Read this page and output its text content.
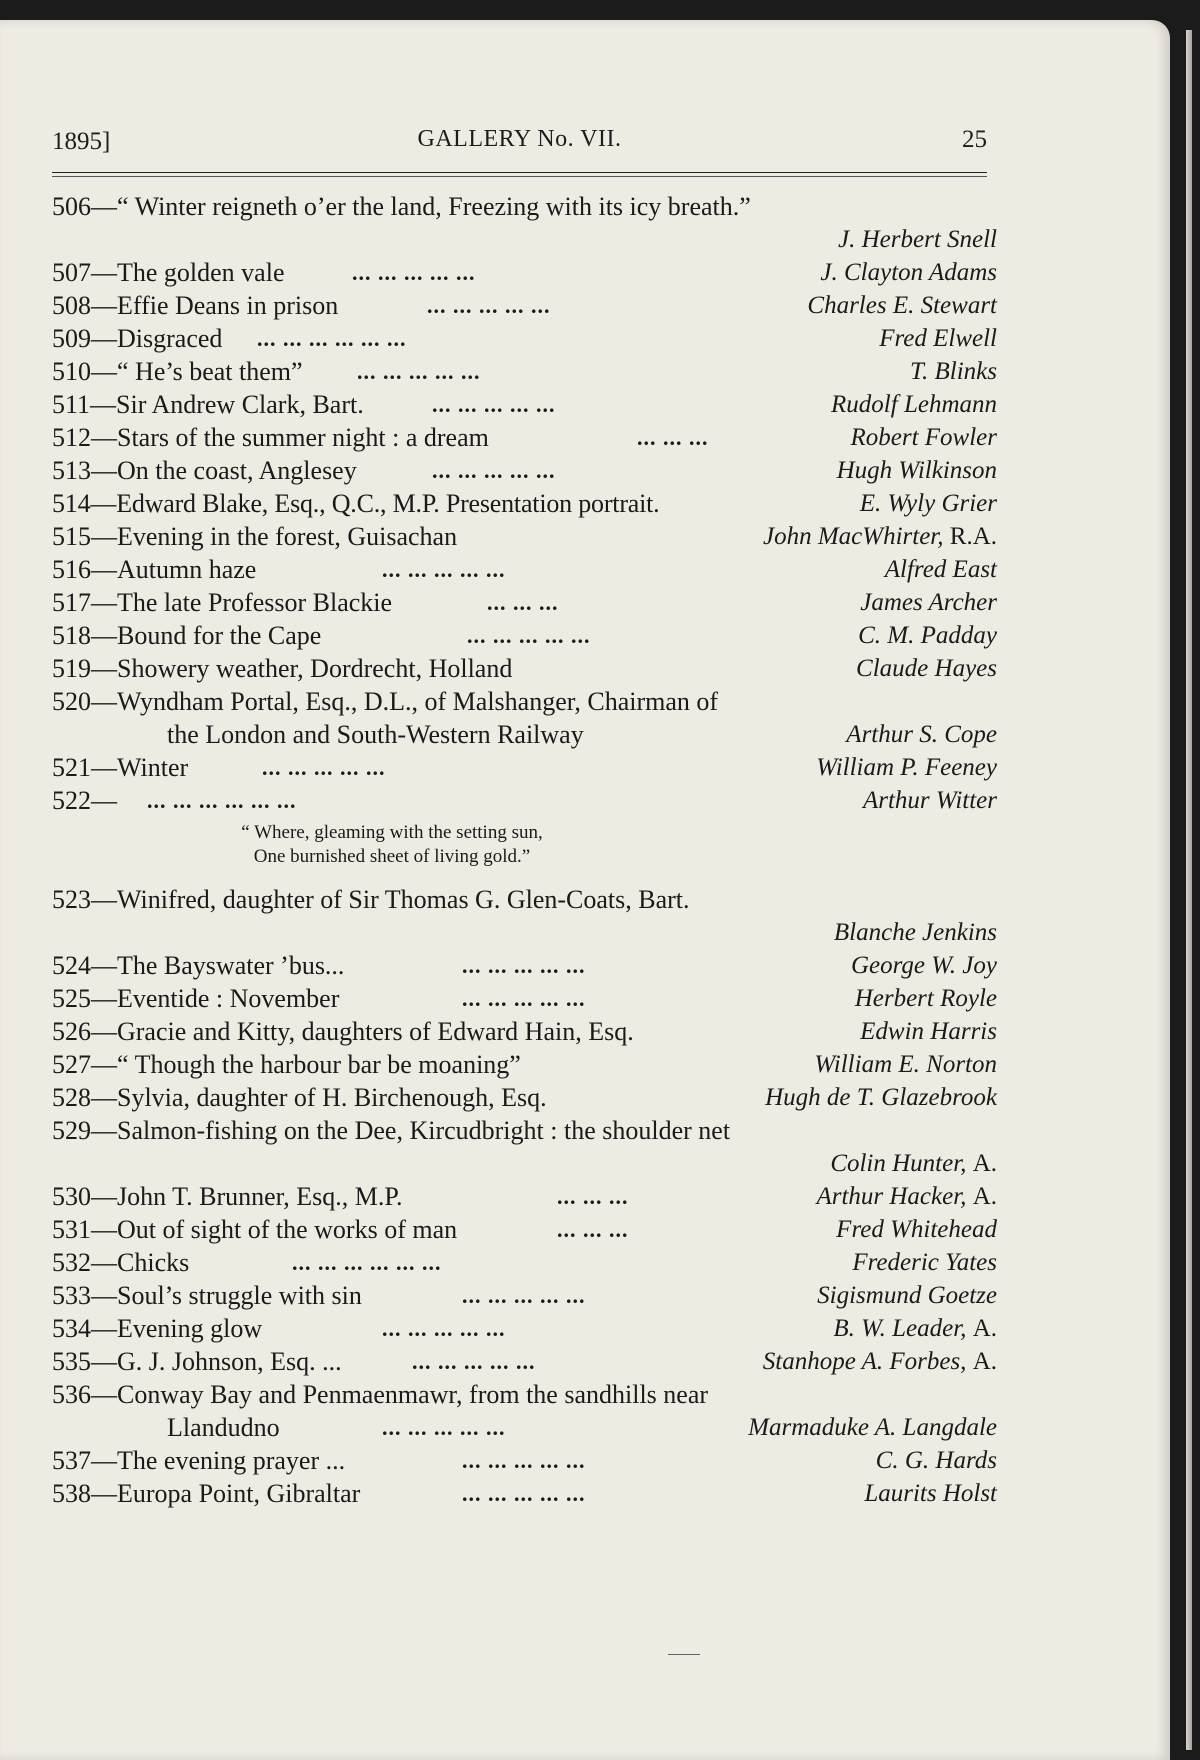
1895]	GALLERY No. VII.	25
506—“ Winter reigneth o’er the land, Freezing with its icy breath.”
J. Herbert Snell
507—The golden vale	... ... ... ... ...	J. Clayton Adams
508—Effie Deans in prison	... ... ... ... ...	Charles E. Stewart
509—Disgraced ... ... ... ... ... ...	Fred Elwell
510—“ He’s beat them” ... ... ... ... ...	T. Blinks
511—Sir Andrew Clark, Bart.	... ... ... ... ...	Rudolf Lehmann
512—Stars of the summer night : a dream	... ... ...	Robert Fowler
513—On the coast, Anglesey	... ... ... ... ...	Hugh Wilkinson
514—Edward Blake, Esq., Q.C., M.P. Presentation portrait.	E. Wyly Grier
515—Evening in the forest, Guisachan	John MacWhirter, R.A.
516—Autumn haze	... ... ... ... ...	Alfred East
517—The late Professor Blackie	... ... ...	James Archer
518—Bound for the Cape	... ... ... ... ...	C. M. Padday
519—Showery weather, Dordrecht, Holland	Claude Hayes
520—Wyndham Portal, Esq., D.L., of Malshanger, Chairman of
the London and South-Western Railway	Arthur S. Cope
521—Winter	... ... ... ... ...	William P. Feeney
522— ... ... ... ... ... ...	Arthur Witter
“ Where, gleaming with the setting sun,
One burnished sheet of living gold.”
523—Winifred, daughter of Sir Thomas G. Glen-Coats, Bart.
Blanche Jenkins
524—The Bayswater ’bus...	... ... ... ... ...	George W. Joy
525—Eventide : November	... ... ... ... ...	Herbert Royle
526—Gracie and Kitty, daughters of Edward Hain, Esq.	Edwin Harris
527—“ Though the harbour bar be moaning”	William E. Norton
528—Sylvia, daughter of H. Birchenough, Esq.	Hugh de T. Glazebrook
529—Salmon-fishing on the Dee, Kircudbright : the shoulder net
Colin Hunter, A.
530—John T. Brunner, Esq., M.P.	... ... ...	Arthur Hacker, A.
531—Out of sight of the works of man	... ... ...	Fred Whitehead
532—Chicks	... ... ... ... ... ...	Frederic Yates
533—Soul’s struggle with sin	... ... ... ... ...	Sigismund Goetze
534—Evening glow	... ... ... ... ...	B. W. Leader, A.
535—G. J. Johnson, Esq. ...	... ... ... ... ...	Stanhope A. Forbes, A.
536—Conway Bay and Penmaenmawr, from the sandhills near
Llandudno	... ... ... ... ...	Marmaduke A. Langdale
537—The evening prayer ...	... ... ... ... ...	C. G. Hards
538—Europa Point, Gibraltar	... ... ... ... ...	Laurits Holst
